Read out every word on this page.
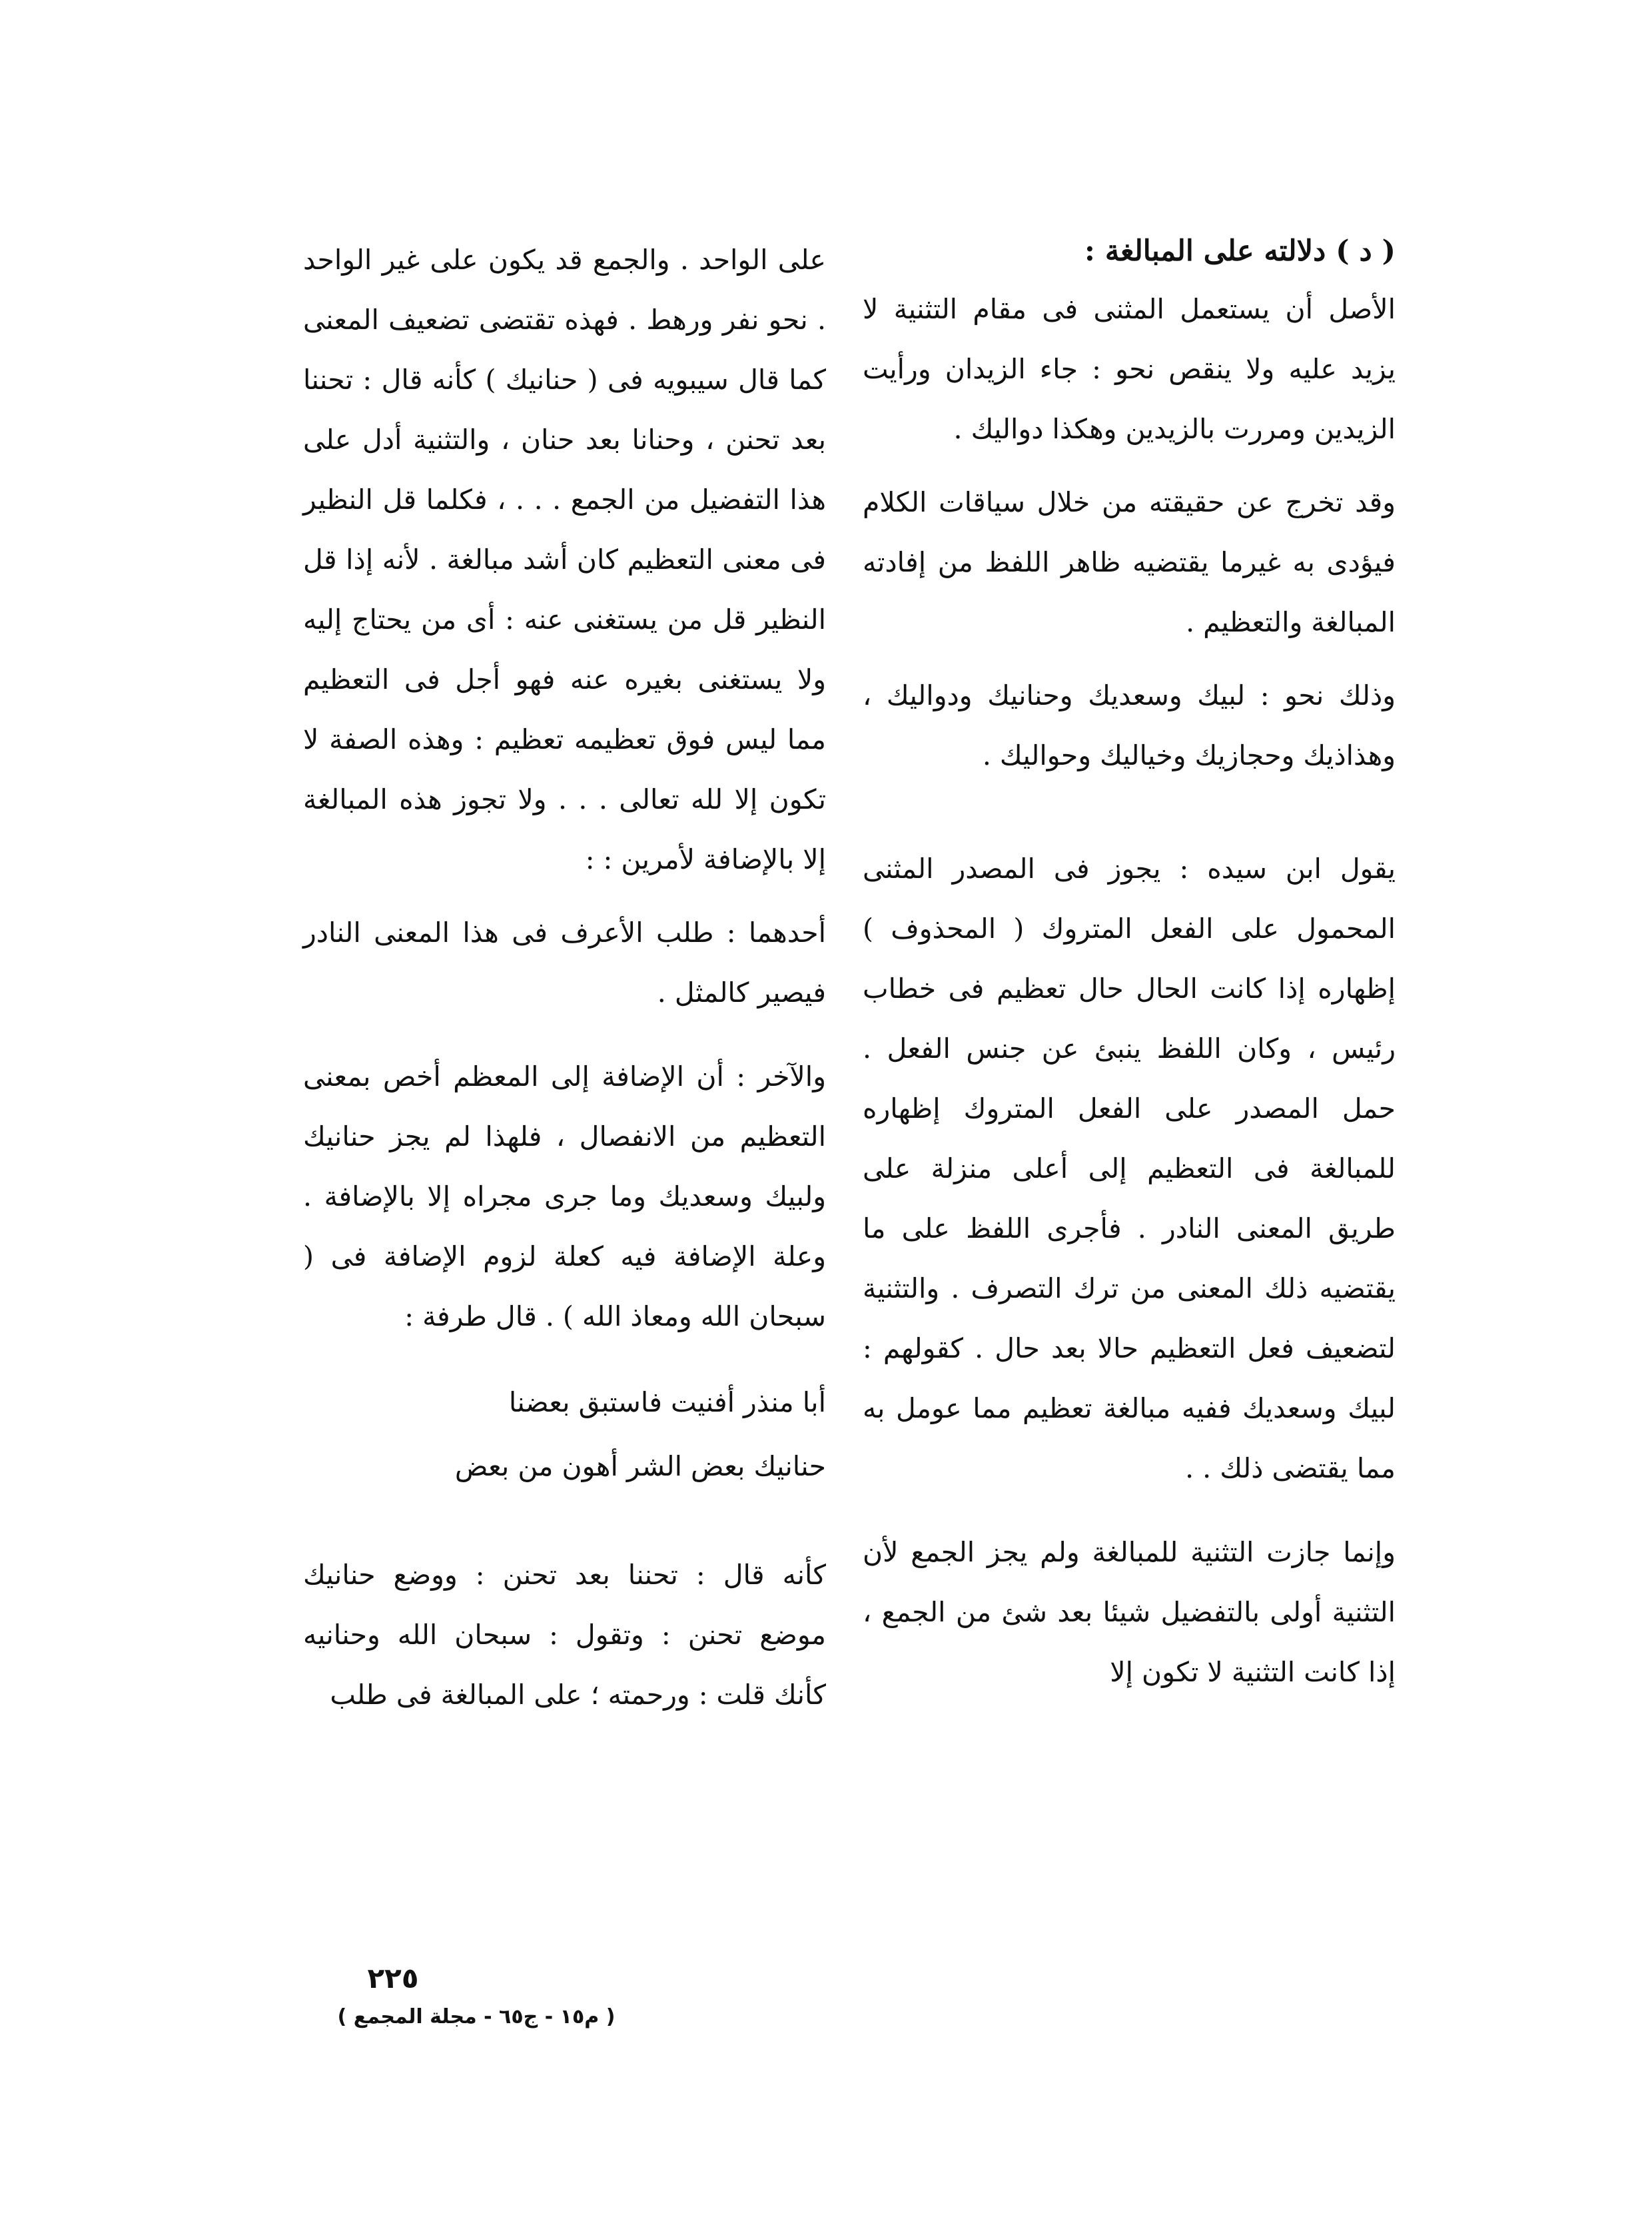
( د ) دلالته على المبالغة :

الأصل أن يستعمل المثنى فى مقام التثنية لا يزيد عليه ولا ينقص نحو : جاء الزيدان ورأيت الزيدين ومررت بالزيدين وهكذا دواليك .

وقد تخرج عن حقيقته من خلال سياقات الكلام فيؤدى به غيرما يقتضيه ظاهر اللفظ من إفادته المبالغة والتعظيم .

وذلك نحو : لبيك وسعديك وحنانيك ودواليك ، وهذاذيك وحجازيك وخياليك وحواليك .

يقول ابن سيده : يجوز فى المصدر المثنى المحمول على الفعل المتروك ( المحذوف ) إظهاره إذا كانت الحال حال تعظيم فى خطاب رئيس ، وكان اللفظ ينبئ عن جنس الفعل . حمل المصدر على الفعل المتروك إظهاره للمبالغة فى التعظيم إلى أعلى منزلة على طريق المعنى النادر . فأجرى اللفظ على ما يقتضيه ذلك المعنى من ترك التصرف . والتثنية لتضعيف فعل التعظيم حالا بعد حال . كقولهم : لبيك وسعديك ففيه مبالغة تعظيم مما عومل به مما يقتضى ذلك . .

وإنما جازت التثنية للمبالغة ولم يجز الجمع لأن التثنية أولى بالتفضيل شيئا بعد شئ من الجمع ، إذا كانت التثنية لا تكون إلا

على الواحد . والجمع قد يكون على غير الواحد . نحو نفر ورهط . فهذه تقتضى تضعيف المعنى كما قال سيبويه فى ( حنانيك ) كأنه قال : تحننا بعد تحنن ، وحنانا بعد حنان ، والتثنية أدل على هذا التفضيل من الجمع . . . ، فكلما قل النظير فى معنى التعظيم كان أشد مبالغة . لأنه إذا قل النظير قل من يستغنى عنه : أى من يحتاج إليه ولا يستغنى بغيره عنه فهو أجل فى التعظيم مما ليس فوق تعظيمه تعظيم : وهذه الصفة لا تكون إلا لله تعالى . . . ولا تجوز هذه المبالغة إلا بالإضافة لأمرين : :

أحدهما : طلب الأعرف فى هذا المعنى النادر فيصير كالمثل .

والآخر : أن الإضافة إلى المعظم أخص بمعنى التعظيم من الانفصال ، فلهذا لم يجز حنانيك ولبيك وسعديك وما جرى مجراه إلا بالإضافة . وعلة الإضافة فيه كعلة لزوم الإضافة فى ( سبحان الله ومعاذ الله ) . قال طرفة :

أبا منذر أفنيت فاستبق بعضنا

حنانيك بعض الشر أهون من بعض

كأنه قال : تحننا بعد تحنن : ووضع حنانيك موضع تحنن : وتقول : سبحان الله وحنانيه كأنك قلت : ورحمته ؛ على المبالغة فى طلب

٢٢٥
( م١٥ - ج٦٥ - مجلة المجمع )
